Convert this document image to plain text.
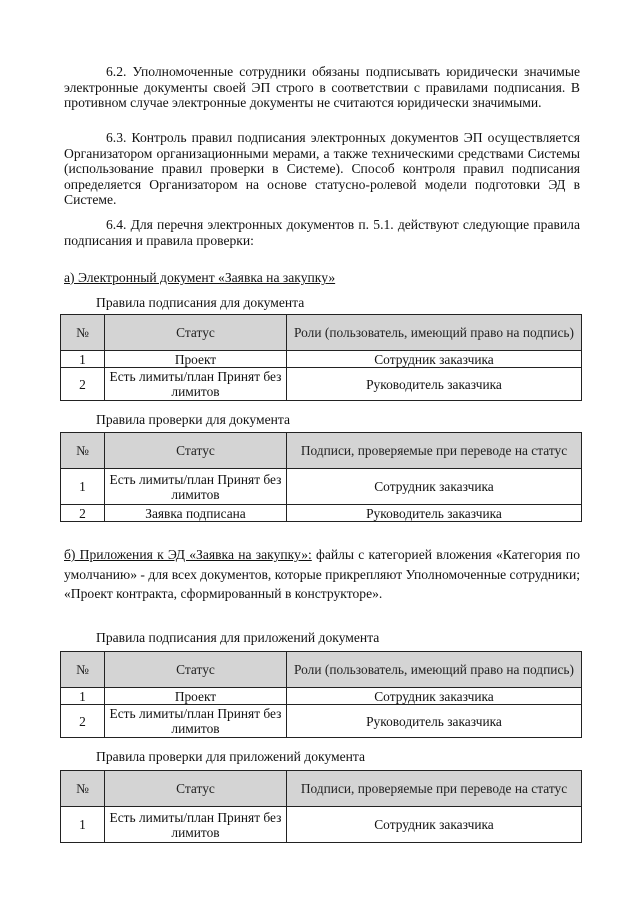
6.2. Уполномоченные сотрудники обязаны подписывать юридически значимые электронные документы своей ЭП строго в соответствии с правилами подписания. В противном случае электронные документы не считаются юридически значимыми.

6.3. Контроль правил подписания электронных документов ЭП осуществляется Организатором организационными мерами, а также техническими средствами Системы (использование правил проверки в Системе). Способ контроля правил подписания определяется Организатором на основе статусно-ролевой модели подготовки ЭД в Системе.

6.4. Для перечня электронных документов п. 5.1. действуют следующие правила подписания и правила проверки:

а) Электронный документ «Заявка на закупку»

Правила подписания для документа

№	Статус	Роли (пользователь, имеющий право на подпись)
1	Проект	Сотрудник заказчика
2	Есть лимиты/план Принят без лимитов	Руководитель заказчика

Правила проверки для документа

№	Статус	Подписи, проверяемые при переводе на статус
1	Есть лимиты/план Принят без лимитов	Сотрудник заказчика
2	Заявка подписана	Руководитель заказчика

б) Приложения к ЭД «Заявка на закупку»: файлы с категорией вложения «Категория по умолчанию» - для всех документов, которые прикрепляют Уполномоченные сотрудники; «Проект контракта, сформированный в конструкторе».

Правила подписания для приложений документа

№	Статус	Роли (пользователь, имеющий право на подпись)
1	Проект	Сотрудник заказчика
2	Есть лимиты/план Принят без лимитов	Руководитель заказчика

Правила проверки для приложений документа

№	Статус	Подписи, проверяемые при переводе на статус
1	Есть лимиты/план Принят без лимитов	Сотрудник заказчика
